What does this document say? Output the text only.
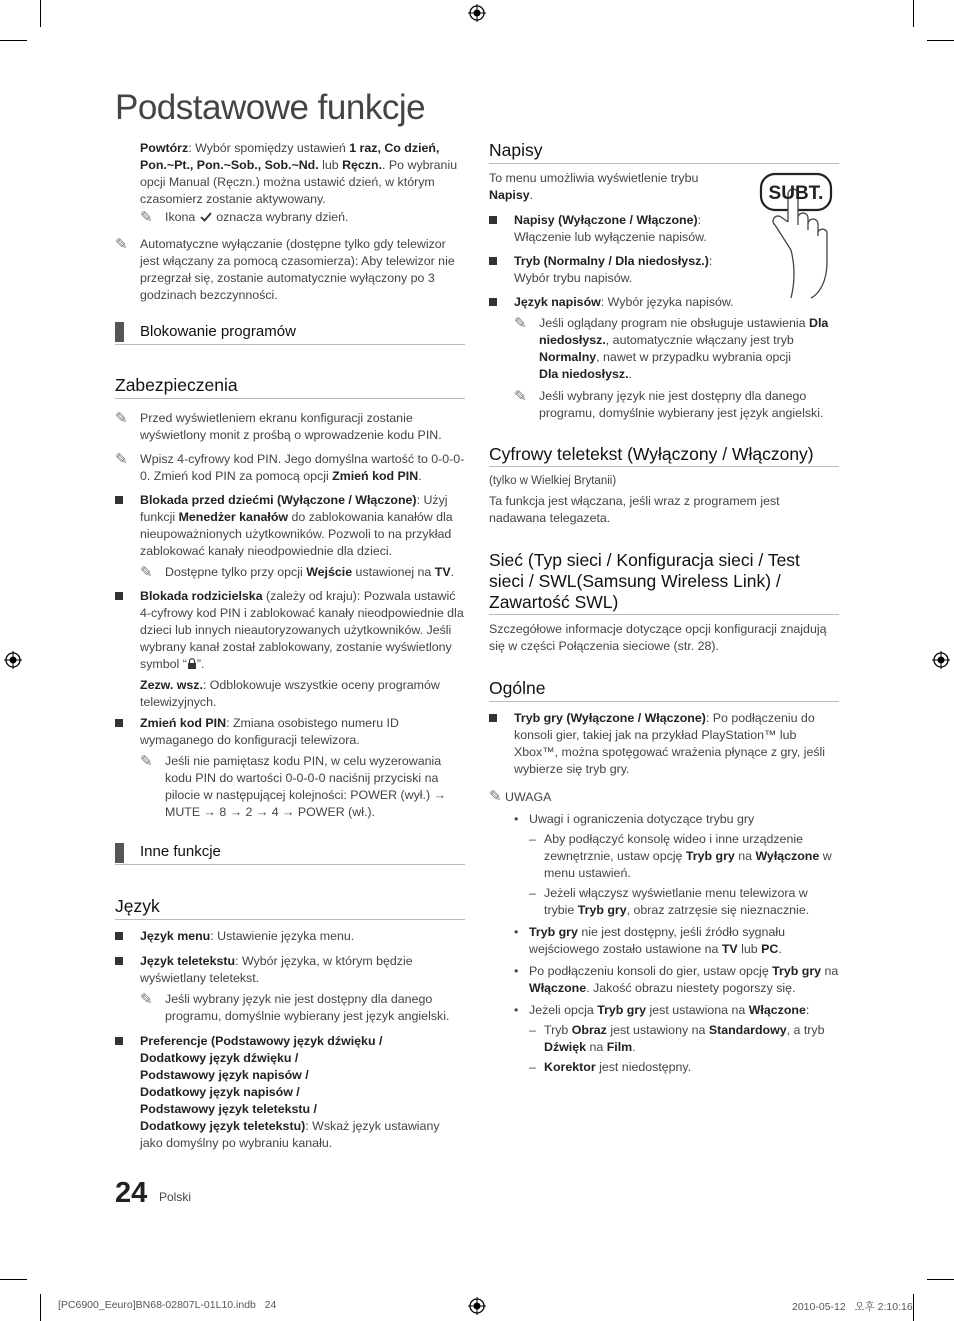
Podstawowe funkcje

Powtórz: Wybór spomiędzy ustawień 1 raz, Co dzień, Pon.~Pt., Pon.~Sob., Sob.~Nd. lub Ręczn.. Po wybraniu opcji Manual (Ręczn.) można ustawić dzień, w którym czasomierz zostanie aktywowany.

✎ Ikona  oznacza wybrany dzień.
✎ Automatyczne wyłączanie (dostępne tylko gdy telewizor jest włączany za pomocą czasomierza): Aby telewizor nie przegrzał się, zostanie automatycznie wyłączony po 3 godzinach bezczynności.
Blokowanie programów
Zabezpieczenia
✎ Przed wyświetleniem ekranu konfiguracji zostanie wyświetlony monit z prośbą o wprowadzenie kodu PIN.
✎ Wpisz 4-cyfrowy kod PIN. Jego domyślna wartość to 0-0-0-0. Zmień kod PIN za pomocą opcji Zmień kod PIN.
Blokada przed dziećmi (Wyłączone / Włączone): Użyj funkcji Menedżer kanałów do zablokowania kanałów dla nieupoważnionych użytkowników. Pozwoli to na przykład zablokować kanały nieodpowiednie dla dzieci.
✎ Dostępne tylko przy opcji Wejście ustawionej na TV.
Blokada rodzicielska (zależy od kraju): Pozwala ustawić 4-cyfrowy kod PIN i zablokować kanały nieodpowiednie dla dzieci lub innych nieautoryzowanych użytkowników. Jeśli wybrany kanał został zablokowany, zostanie wyświetlony symbol “ ”.

Zezw. wsz.: Odblokowuje wszystkie oceny programów telewizyjnych.

Zmień kod PIN: Zmiana osobistego numeru ID wymaganego do konfiguracji telewizora.
✎ Jeśli nie pamiętasz kodu PIN, w celu wyzerowania kodu PIN do wartości 0-0-0-0 naciśnij przyciski na pilocie w następującej kolejności: POWER (wył.) → MUTE → 8 → 2 → 4 → POWER (wł.).
Inne funkcje
Język
Język menu: Ustawienie języka menu.
Język teletekstu: Wybór języka, w którym będzie wyświetlany teletekst.
✎ Jeśli wybrany język nie jest dostępny dla danego programu, domyślnie wybierany jest język angielski.
Preferencje (Podstawowy język dźwięku /
Dodatkowy język dźwięku /
Podstawowy język napisów /
Dodatkowy język napisów /
Podstawowy język teletekstu /
Dodatkowy język teletekstu): Wskaż język ustawiany jako domyślny po wybraniu kanału.
Napisy
SUBT.

To menu umożliwia wyświetlenie trybu
Napisy.

Napisy (Wyłączone / Włączone): Włączenie lub wyłączenie napisów.
Tryb (Normalny / Dla niedosłysz.): Wybór trybu napisów.
Język napisów: Wybór języka napisów.
✎ Jeśli oglądany program nie obsługuje ustawienia Dla niedosłysz., automatycznie włączany jest tryb Normalny, nawet w przypadku wybrania opcji
Dla niedosłysz..
✎ Jeśli wybrany język nie jest dostępny dla danego programu, domyślnie wybierany jest język angielski.
Cyfrowy teletekst (Wyłączony / Włączony)

(tylko w Wielkiej Brytanii)

Ta funkcja jest włączana, jeśli wraz z programem jest nadawana telegazeta.

Sieć (Typ sieci / Konfiguracja sieci / Test
sieci / SWL(Samsung Wireless Link) /
Zawartość SWL)

Szczegółowe informacje dotyczące opcji konfiguracji znajdują się w części Połączenia sieciowe (str. 28).

Ogólne
Tryb gry (Wyłączone / Włączone): Po podłączeniu do konsoli gier, takiej jak na przykład PlayStation™ lub Xbox™, można spotęgować wrażenia płynące z gry, jeśli wybierze się tryb gry.
✎ UWAGA
• Uwagi i ograniczenia dotyczące trybu gry
– Aby podłączyć konsolę wideo i inne urządzenie zewnętrznie, ustaw opcję Tryb gry na Wyłączone w menu ustawień.
– Jeżeli włączysz wyświetlanie menu telewizora w trybie Tryb gry, obraz zatrzęsie się nieznacznie.
• Tryb gry nie jest dostępny, jeśli źródło sygnału wejściowego zostało ustawione na TV lub PC.
• Po podłączeniu konsoli do gier, ustaw opcję Tryb gry na Włączone. Jakość obrazu niestety pogorszy się.
• Jeżeli opcja Tryb gry jest ustawiona na Włączone:
– Tryb Obraz jest ustawiony na Standardowy, a tryb Dźwięk na Film.
– Korektor jest niedostępny.
24 Polski
[PC6900_Eeuro]BN68-02807L-01L10.indb   24	2010-05-12   오후 2:10:16
